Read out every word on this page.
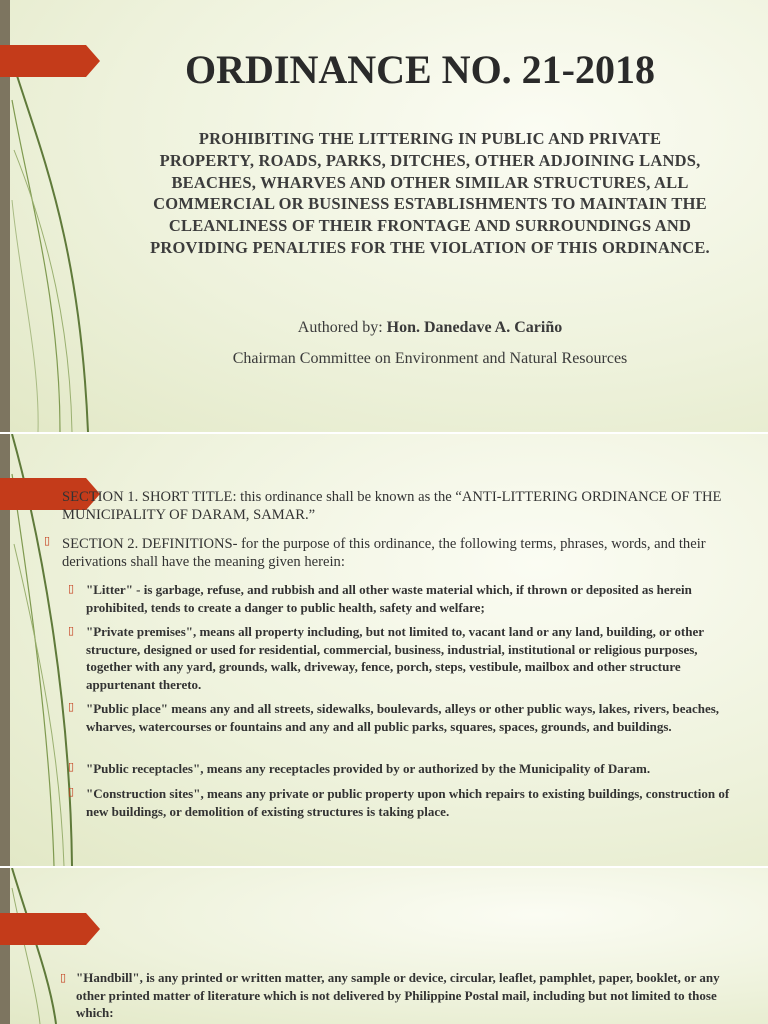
ORDINANCE NO. 21-2018
PROHIBITING THE LITTERING IN PUBLIC AND PRIVATE PROPERTY, ROADS, PARKS, DITCHES, OTHER ADJOINING LANDS, BEACHES, WHARVES AND OTHER SIMILAR STRUCTURES, ALL COMMERCIAL OR BUSINESS ESTABLISHMENTS TO MAINTAIN THE CLEANLINESS OF THEIR FRONTAGE AND SURROUNDINGS AND PROVIDING PENALTIES FOR THE VIOLATION OF THIS ORDINANCE.
Authored by: Hon. Danedave A. Cariño
Chairman Committee on Environment and Natural Resources
SECTION 1. SHORT TITLE: this ordinance shall be known as the “ANTI-LITTERING ORDINANCE OF THE MUNICIPALITY OF DARAM, SAMAR.”
▯ SECTION 2. DEFINITIONS- for the purpose of this ordinance, the following terms, phrases, words, and their derivations shall have the meaning given herein:
▯ "Litter" - is garbage, refuse, and rubbish and all other waste material which, if thrown or deposited as herein prohibited, tends to create a danger to public health, safety and welfare;
▯ "Private premises", means all property including, but not limited to, vacant land or any land, building, or other structure, designed or used for residential, commercial, business, industrial, institutional or religious purposes, together with any yard, grounds, walk, driveway, fence, porch, steps, vestibule, mailbox and other structure appurtenant thereto.
▯ "Public place" means any and all streets, sidewalks, boulevards, alleys or other public ways, lakes, rivers, beaches, wharves, watercourses or fountains and any and all public parks, squares, spaces, grounds, and buildings.
▯ "Public receptacles", means any receptacles provided by or authorized by the Municipality of Daram.
▯ "Construction sites", means any private or public property upon which repairs to existing buildings, construction of new buildings, or demolition of existing structures is taking place.
▯ "Handbill", is any printed or written matter, any sample or device, circular, leaflet, pamphlet, paper, booklet, or any other printed matter of literature which is not delivered by Philippine Postal mail, including but not limited to those which:
